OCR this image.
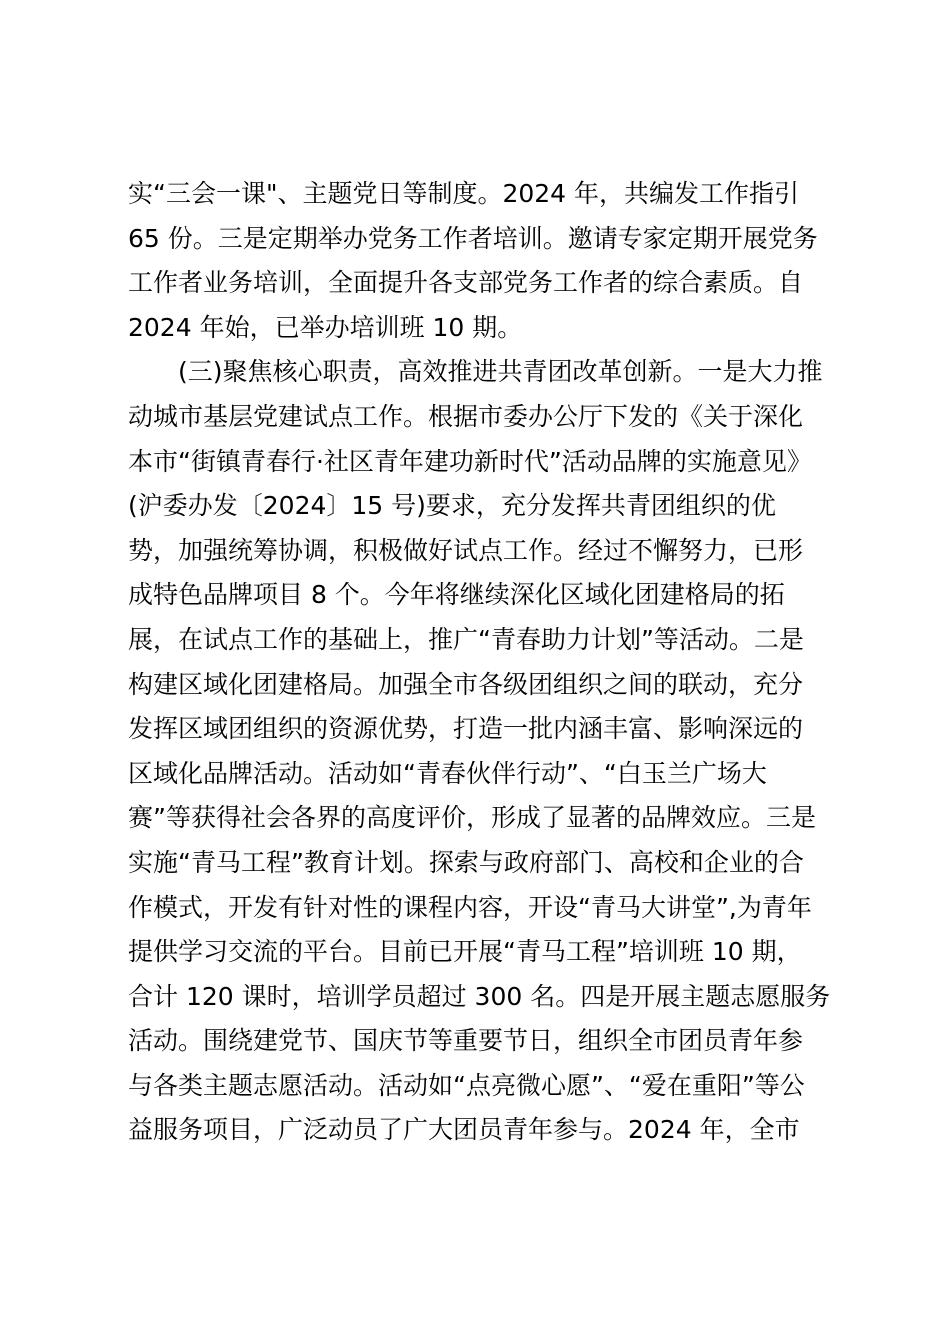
实“三会一课"、主题党日等制度。2024 年，共编发工作指引
65 份。三是定期举办党务工作者培训。邀请专家定期开展党务
工作者业务培训，全面提升各支部党务工作者的综合素质。自
2024 年始，已举办培训班 10 期。
(三)聚焦核心职责，高效推进共青团改革创新。一是大力推
动城市基层党建试点工作。根据市委办公厅下发的《关于深化
本市“街镇青春行·社区青年建功新时代”活动品牌的实施意见》
(沪委办发〔2024〕15 号)要求，充分发挥共青团组织的优
势，加强统筹协调，积极做好试点工作。经过不懈努力，已形
成特色品牌项目 8 个。今年将继续深化区域化团建格局的拓
展，在试点工作的基础上，推广“青春助力计划”等活动。二是
构建区域化团建格局。加强全市各级团组织之间的联动，充分
发挥区域团组织的资源优势，打造一批内涵丰富、影响深远的
区域化品牌活动。活动如“青春伙伴行动”、“白玉兰广场大
赛”等获得社会各界的高度评价，形成了显著的品牌效应。三是
实施“青马工程”教育计划。探索与政府部门、高校和企业的合
作模式，开发有针对性的课程内容，开设“青马大讲堂”,为青年
提供学习交流的平台。目前已开展“青马工程”培训班 10 期，
合计 120 课时，培训学员超过 300 名。四是开展主题志愿服务
活动。围绕建党节、国庆节等重要节日，组织全市团员青年参
与各类主题志愿活动。活动如“点亮微心愿”、“爱在重阳”等公
益服务项目，广泛动员了广大团员青年参与。2024 年，全市
